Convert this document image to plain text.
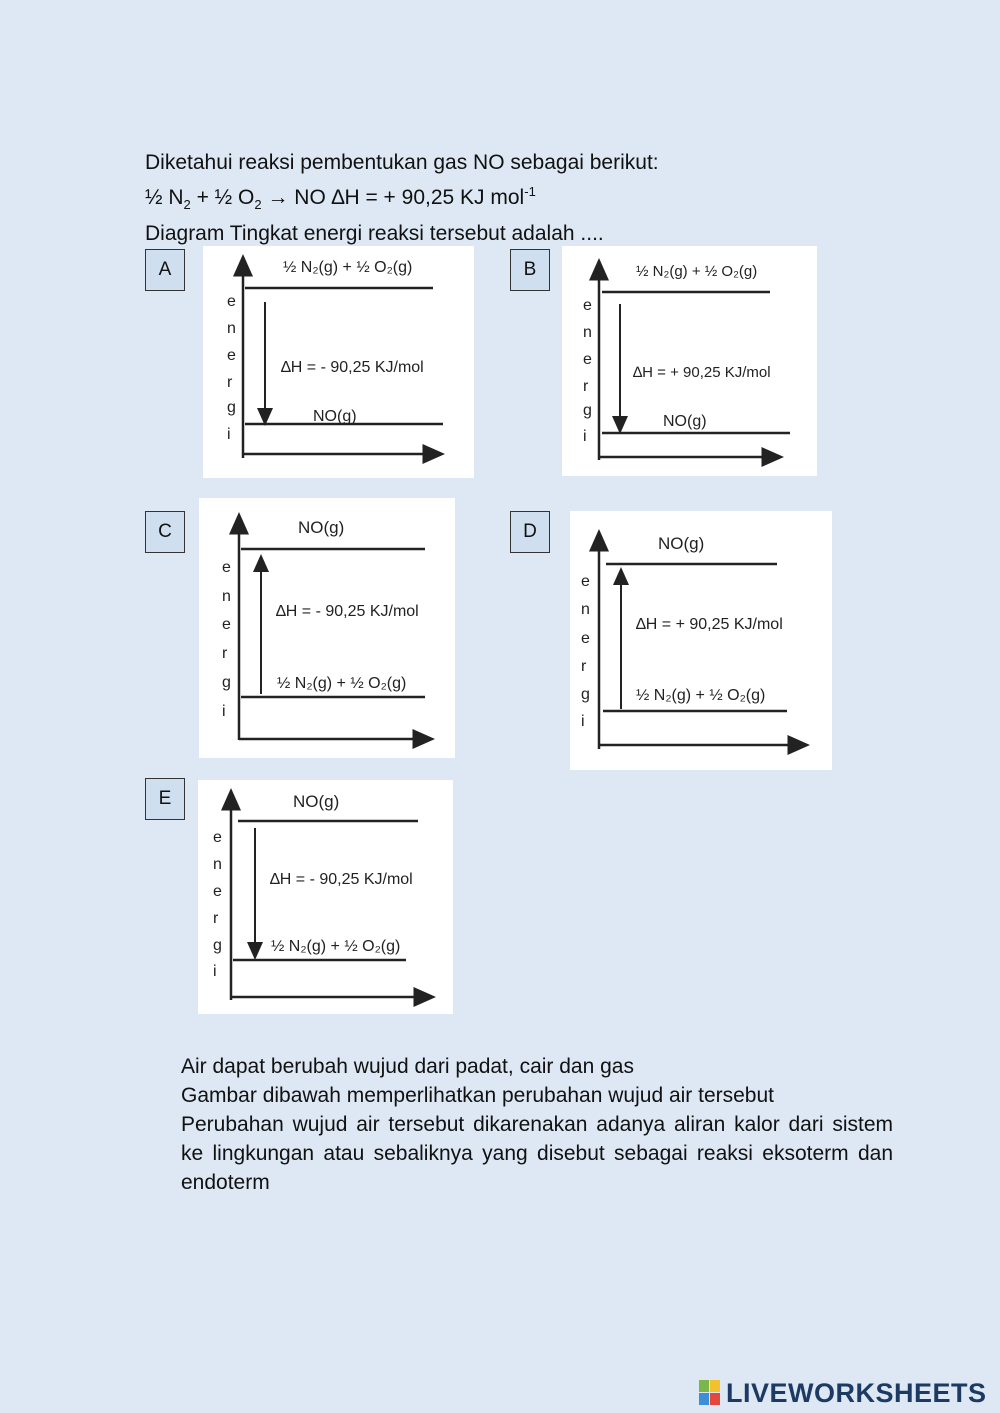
Diketahui reaksi pembentukan gas NO sebagai berikut:
½ $N_2$ + ½ $O_2$ → NO ∆H = + 90,25 KJ mol$^{-1}$
Diagram Tingkat energi reaksi tersebut adalah ....
A	B
C	D
E
e
n
e
r
g
i
½ N₂(g) + ½ O₂(g)
∆H = - 90,25 KJ/mol
NO(g)
e
n
e
r
g
i
½ N₂(g) + ½ O₂(g)
∆H = + 90,25 KJ/mol
NO(g)
e
n
e
r
g
i
NO(g)
∆H = - 90,25 KJ/mol
½ N₂(g) + ½ O₂(g)
e
n
e
r
g
i
NO(g)
∆H = + 90,25 KJ/mol
½ N₂(g) + ½ O₂(g)
e
n
e
r
g
i
NO(g)
∆H = - 90,25 KJ/mol
½ N₂(g) + ½ O₂(g)
Air dapat berubah wujud dari padat, cair dan gas
Gambar dibawah memperlihatkan perubahan wujud air tersebut
Perubahan wujud air tersebut dikarenakan adanya aliran kalor dari sistem ke lingkungan atau sebaliknya yang disebut sebagai reaksi eksoterm dan endoterm
LIVEWORKSHEETS
